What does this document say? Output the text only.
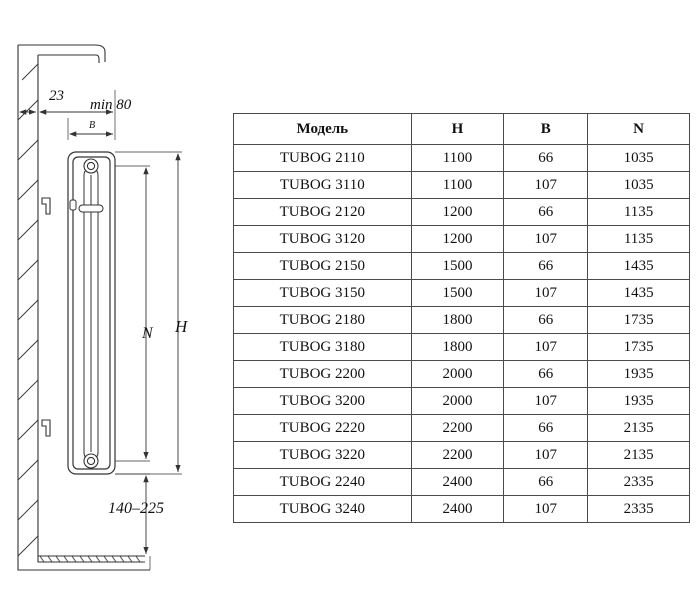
23
min 80
B
N H
140–225
Модель	H	B	N
TUBOG 2110	1100	66	1035
TUBOG 3110	1100	107	1035
TUBOG 2120	1200	66	1135
TUBOG 3120	1200	107	1135
TUBOG 2150	1500	66	1435
TUBOG 3150	1500	107	1435
TUBOG 2180	1800	66	1735
TUBOG 3180	1800	107	1735
TUBOG 2200	2000	66	1935
TUBOG 3200	2000	107	1935
TUBOG 2220	2200	66	2135
TUBOG 3220	2200	107	2135
TUBOG 2240	2400	66	2335
TUBOG 3240	2400	107	2335
